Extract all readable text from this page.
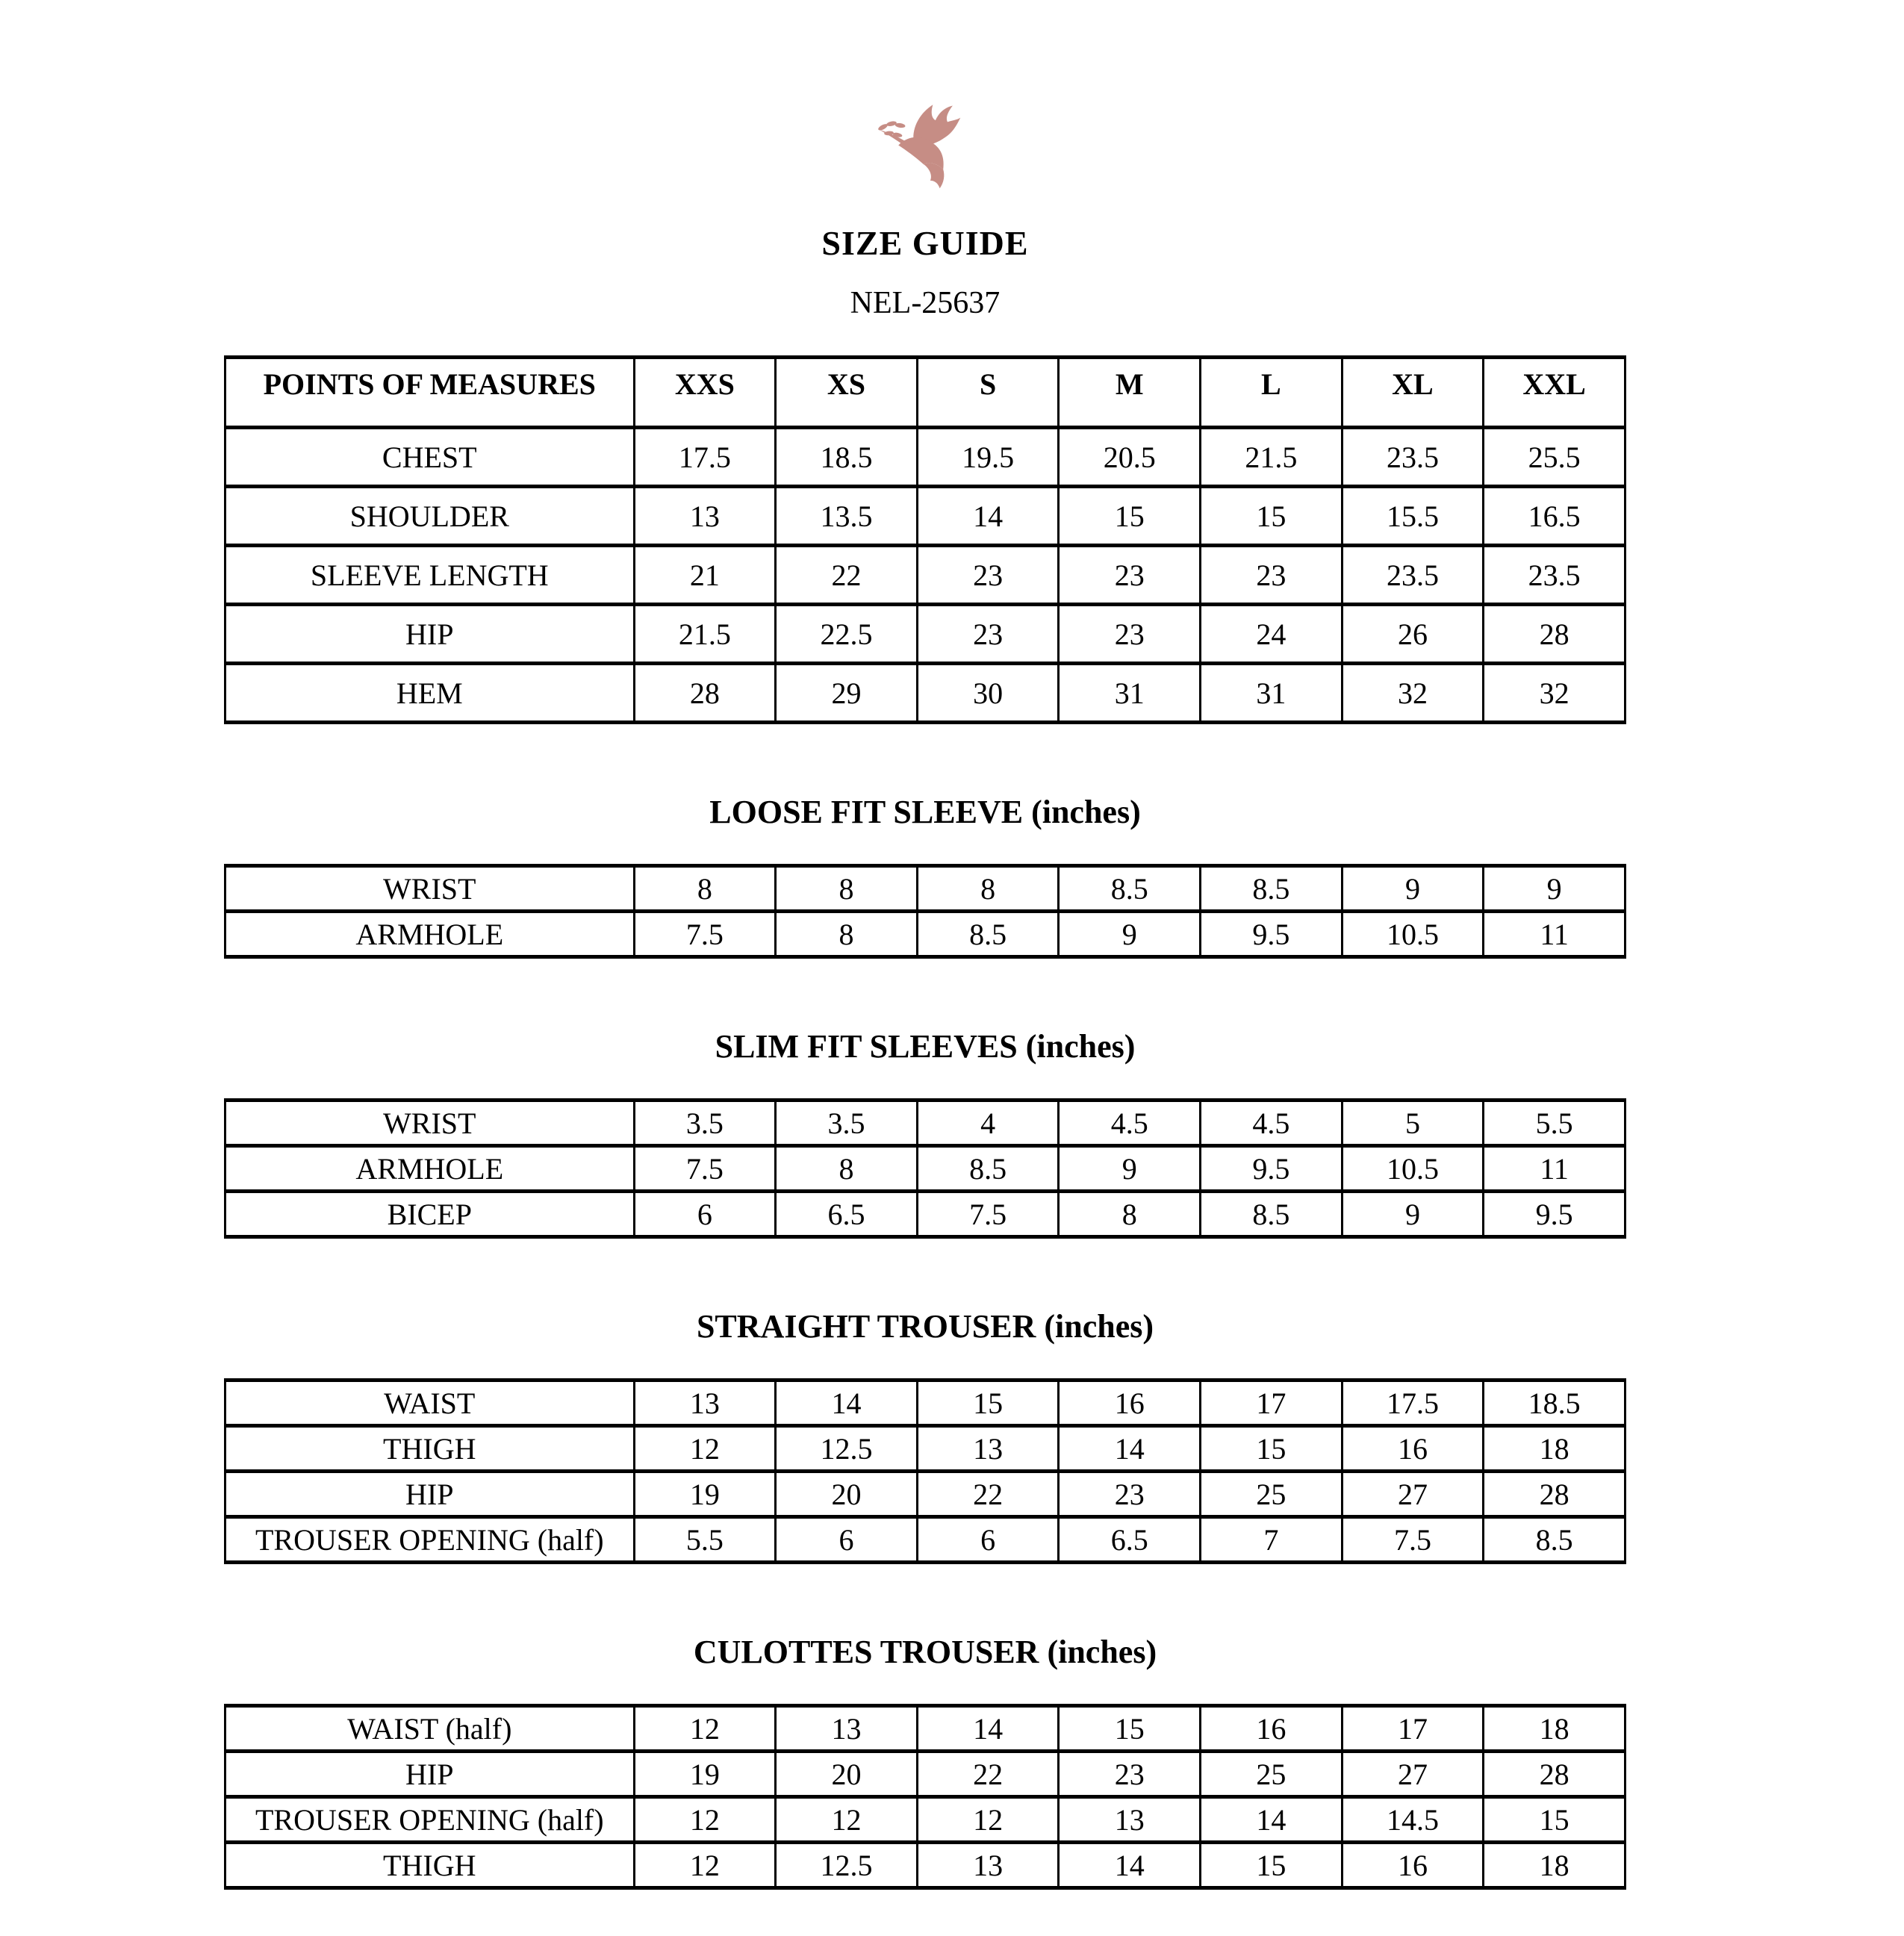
SIZE GUIDE
NEL-25637
POINTS OF MEASURES	XXS	XS	S	M	L	XL	XXL
CHEST	17.5	18.5	19.5	20.5	21.5	23.5	25.5
SHOULDER	13	13.5	14	15	15	15.5	16.5
SLEEVE LENGTH	21	22	23	23	23	23.5	23.5
HIP	21.5	22.5	23	23	24	26	28
HEM	28	29	30	31	31	32	32
LOOSE FIT SLEEVE (inches)
WRIST	8	8	8	8.5	8.5	9	9
ARMHOLE	7.5	8	8.5	9	9.5	10.5	11
SLIM FIT SLEEVES (inches)
WRIST	3.5	3.5	4	4.5	4.5	5	5.5
ARMHOLE	7.5	8	8.5	9	9.5	10.5	11
BICEP	6	6.5	7.5	8	8.5	9	9.5
STRAIGHT TROUSER (inches)
WAIST	13	14	15	16	17	17.5	18.5
THIGH	12	12.5	13	14	15	16	18
HIP	19	20	22	23	25	27	28
TROUSER OPENING (half)	5.5	6	6	6.5	7	7.5	8.5
CULOTTES TROUSER (inches)
WAIST (half)	12	13	14	15	16	17	18
HIP	19	20	22	23	25	27	28
TROUSER OPENING (half)	12	12	12	13	14	14.5	15
THIGH	12	12.5	13	14	15	16	18
